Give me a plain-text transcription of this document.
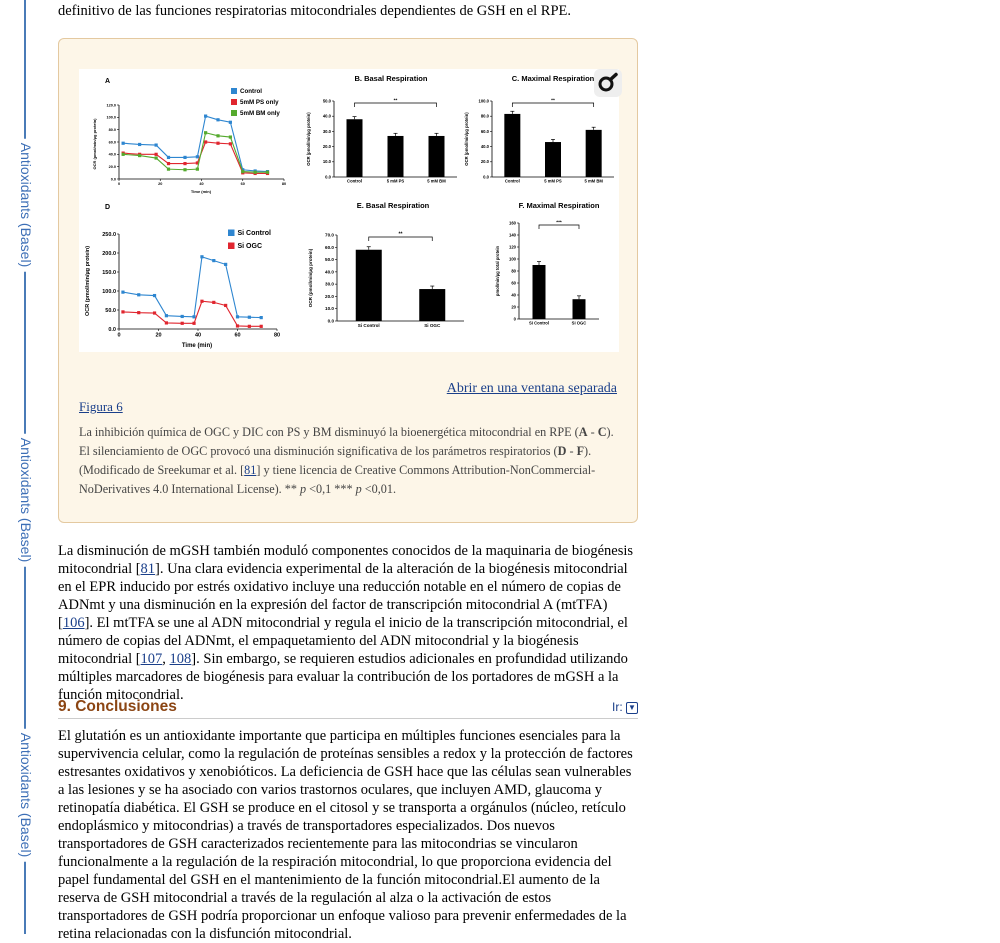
Antioxidants (Basel)
Antioxidants (Basel)
Antioxidants (Basel)
definitivo de las funciones respiratorias mitocondriales dependientes de GSH en el RPE.
A
0.0
20.0
40.0
60.0
80.0
100.0
120.0
0	20	40	60	80
OCR (pmol/min/µg protein)
Time (min)
Control
5mM PS only
5mM BM only
B. Basal Respiration
0.0
10.0
20.0
30.0
40.0
50.0
OCR (pmol/min/µg protein)
Control	5 mM PS	5 mM BM
**
C. Maximal Respiration
0.0
20.0
40.0
60.0
80.0
100.0
OCR (pmol/min/µg protein)
Control	5 mM PS	5 mM BM
**
D
0.0
50.0
100.0
150.0
200.0
250.0
0	20	40	60	80
OCR (pmol/min/µg protein)
Time (min)
Si Control
Si OGC
E. Basal Respiration
0.0
10.0
20.0
30.0
40.0
50.0
60.0
70.0
OCR (pmol/min/µg protein)
Si Control	Si OGC
**
F. Maximal Respiration
0
20
40
60
80
100
120
140
160
pmol/min/µg total protein
Si Control	Si OGC
***
Abrir en una ventana separada
Figura 6
La inhibición química de OGC y DIC con PS y BM disminuyó la bioenergética mitocondrial en RPE (A - C). El silenciamiento de OGC provocó una disminución significativa de los parámetros respiratorios (D - F). (Modificado de Sreekumar et al. [81] y tiene licencia de Creative Commons Attribution-NonCommercial-NoDerivatives 4.0 International License). ** p <0,1 *** p <0,01.
La disminución de mGSH también moduló componentes conocidos de la maquinaria de biogénesis mitocondrial [81]. Una clara evidencia experimental de la alteración de la biogénesis mitocondrial en el EPR inducido por estrés oxidativo incluye una reducción notable en el número de copias de ADNmt y una disminución en la expresión del factor de transcripción mitocondrial A (mtTFA) [106]. El mtTFA se une al ADN mitocondrial y regula el inicio de la transcripción mitocondrial, el número de copias del ADNmt, el empaquetamiento del ADN mitocondrial y la biogénesis mitocondrial [107, 108]. Sin embargo, se requieren estudios adicionales en profundidad utilizando múltiples marcadores de biogénesis para evaluar la contribución de los portadores de mGSH a la función mitocondrial.
9. Conclusiones	Ir: ▼
El glutatión es un antioxidante importante que participa en múltiples funciones esenciales para la supervivencia celular, como la regulación de proteínas sensibles a redox y la protección de factores estresantes oxidativos y xenobióticos. La deficiencia de GSH hace que las células sean vulnerables a las lesiones y se ha asociado con varios trastornos oculares, que incluyen AMD, glaucoma y retinopatía diabética. El GSH se produce en el citosol y se transporta a orgánulos (núcleo, retículo endoplásmico y mitocondrias) a través de transportadores especializados. Dos nuevos transportadores de GSH caracterizados recientemente para las mitocondrias se vincularon funcionalmente a la regulación de la respiración mitocondrial, lo que proporciona evidencia del papel fundamental del GSH en el mantenimiento de la función mitocondrial.El aumento de la reserva de GSH mitocondrial a través de la regulación al alza o la activación de estos transportadores de GSH podría proporcionar un enfoque valioso para prevenir enfermedades de la retina relacionadas con la disfunción mitocondrial.
